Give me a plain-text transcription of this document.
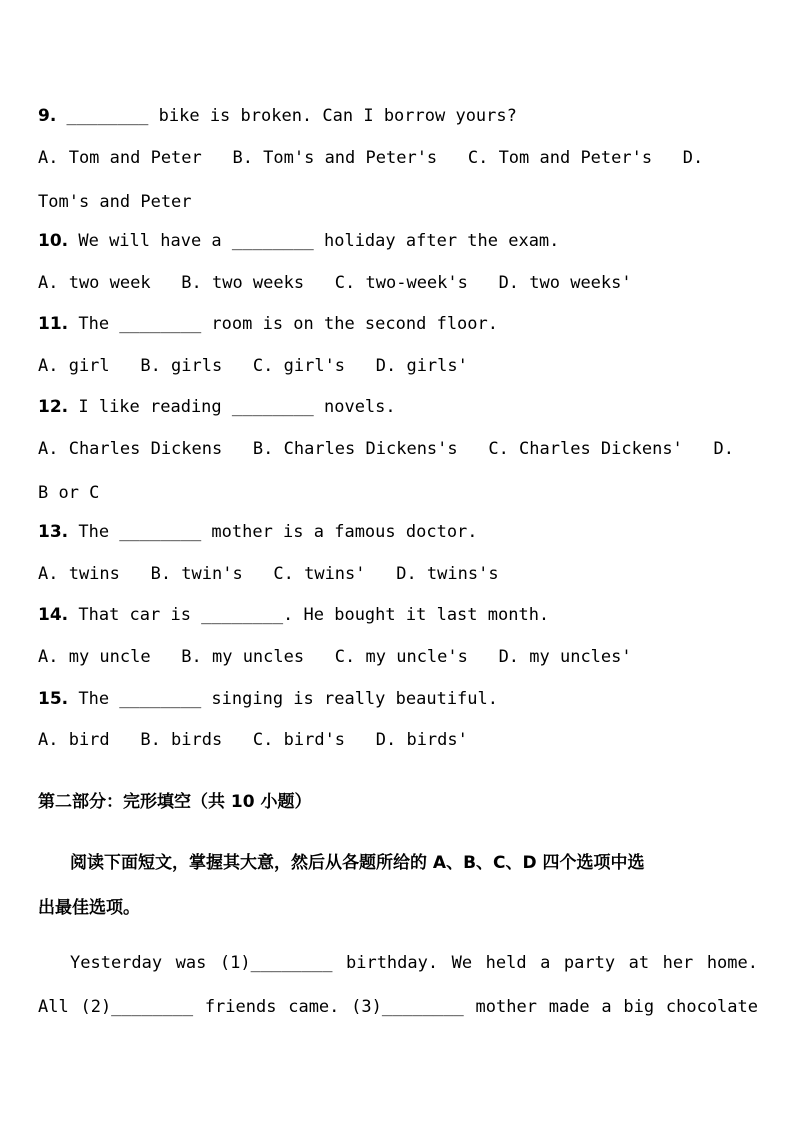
9. ________ bike is broken. Can I borrow yours?
A. Tom and Peter   B. Tom's and Peter's   C. Tom and Peter's   D.
Tom's and Peter
10. We will have a ________ holiday after the exam.
A. two week   B. two weeks   C. two-week's   D. two weeks'
11. The ________ room is on the second floor.
A. girl   B. girls   C. girl's   D. girls'
12. I like reading ________ novels.
A. Charles Dickens   B. Charles Dickens's   C. Charles Dickens'   D.
B or C
13. The ________ mother is a famous doctor.
A. twins   B. twin's   C. twins'   D. twins's
14. That car is ________. He bought it last month.
A. my uncle   B. my uncles   C. my uncle's   D. my uncles'
15. The ________ singing is really beautiful.
A. bird   B. birds   C. bird's   D. birds'
第二部分：完形填空（共 10 小题）
阅读下面短文，掌握其大意，然后从各题所给的 A、B、C、D 四个选项中选
出最佳选项。
Yesterday was (1)________ birthday. We held a party at her home.
All (2)________ friends came. (3)________ mother made a big chocolate
